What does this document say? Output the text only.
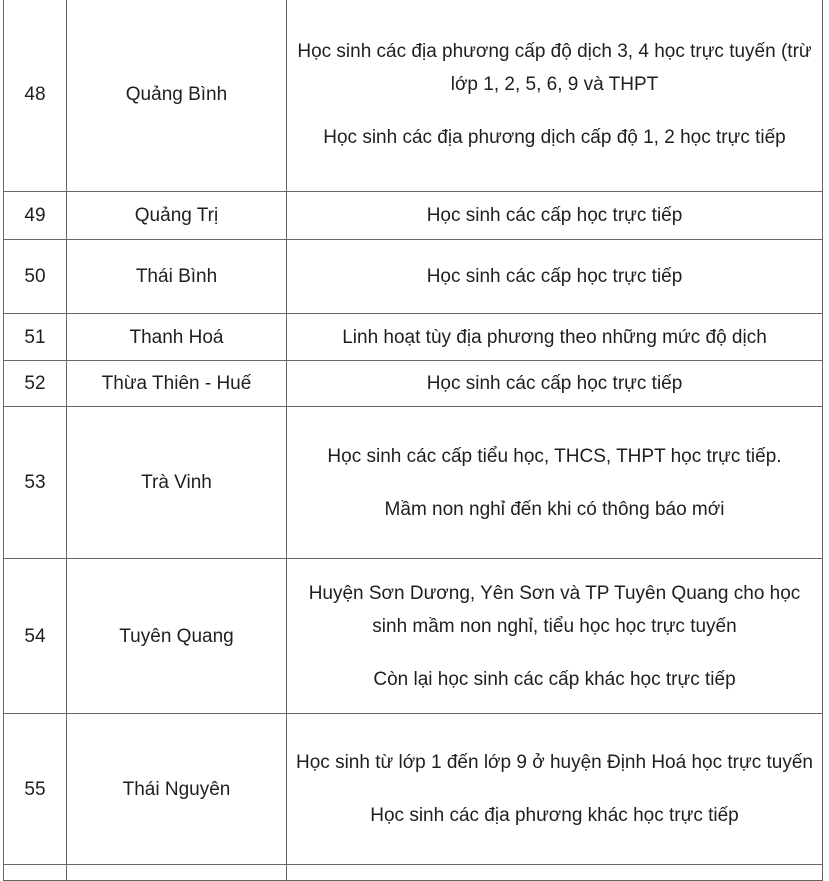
48	Quảng Bình	Học sinh các địa phương cấp độ dịch 3, 4 học trực tuyến (trừ lớp 1, 2, 5, 6, 9 và THPT

Học sinh các địa phương dịch cấp độ 1, 2 học trực tiếp

49	Quảng Trị	Học sinh các cấp học trực tiếp

50	Thái Bình	Học sinh các cấp học trực tiếp

51	Thanh Hoá	Linh hoạt tùy địa phương theo những mức độ dịch

52	Thừa Thiên - Huế	Học sinh các cấp học trực tiếp

53	Trà Vinh	Học sinh các cấp tiểu học, THCS, THPT học trực tiếp.

Mầm non nghỉ đến khi có thông báo mới

54	Tuyên Quang	Huyện Sơn Dương, Yên Sơn và TP Tuyên Quang cho học sinh mầm non nghỉ, tiểu học học trực tuyến

Còn lại học sinh các cấp khác học trực tiếp

55	Thái Nguyên	Học sinh từ lớp 1 đến lớp 9 ở huyện Định Hoá học trực tuyến

Học sinh các địa phương khác học trực tiếp
